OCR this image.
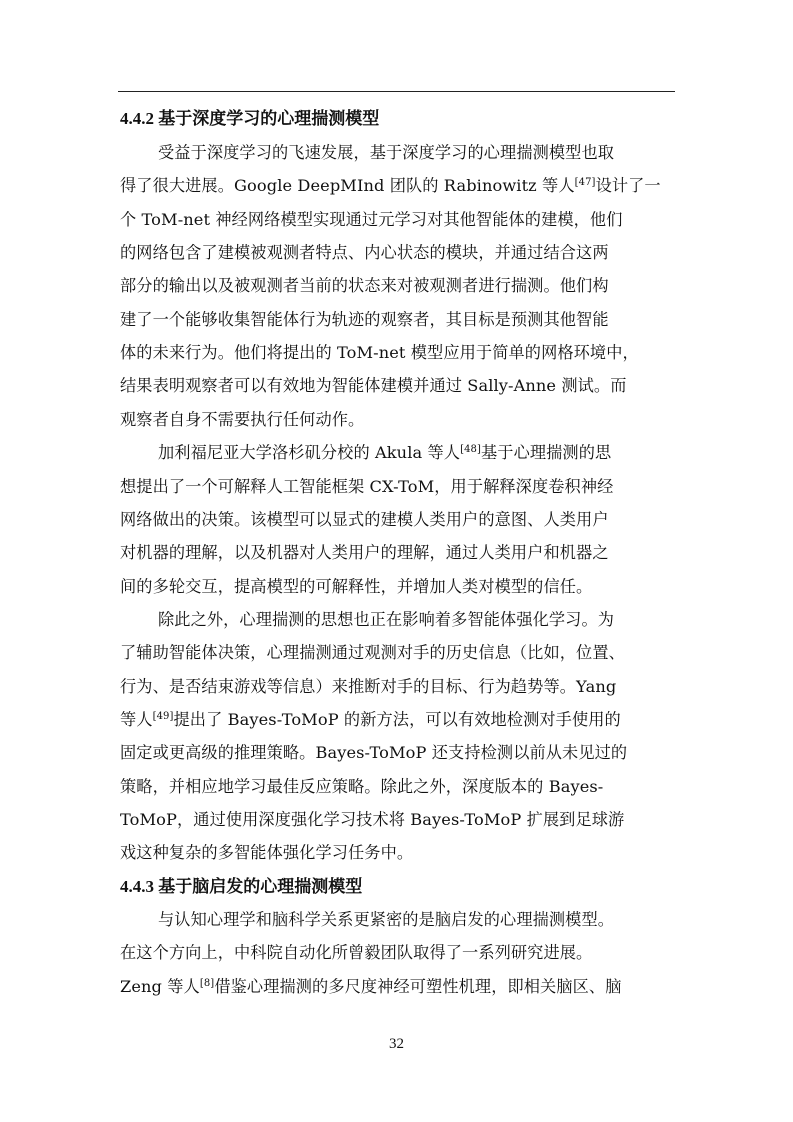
4.4.2 基于深度学习的心理揣测模型
受益于深度学习的飞速发展，基于深度学习的心理揣测模型也取
得了很大进展。Google DeepMInd 团队的 Rabinowitz 等人[47]设计了一
个 ToM-net 神经网络模型实现通过元学习对其他智能体的建模，他们
的网络包含了建模被观测者特点、内心状态的模块，并通过结合这两
部分的输出以及被观测者当前的状态来对被观测者进行揣测。他们构
建了一个能够收集智能体行为轨迹的观察者，其目标是预测其他智能
体的未来行为。他们将提出的 ToM-net 模型应用于简单的网格环境中，
结果表明观察者可以有效地为智能体建模并通过 Sally-Anne 测试。而
观察者自身不需要执行任何动作。
加利福尼亚大学洛杉矶分校的 Akula 等人[48]基于心理揣测的思
想提出了一个可解释人工智能框架 CX-ToM，用于解释深度卷积神经
网络做出的决策。该模型可以显式的建模人类用户的意图、人类用户
对机器的理解，以及机器对人类用户的理解，通过人类用户和机器之
间的多轮交互，提高模型的可解释性，并增加人类对模型的信任。
除此之外，心理揣测的思想也正在影响着多智能体强化学习。为
了辅助智能体决策，心理揣测通过观测对手的历史信息（比如，位置、
行为、是否结束游戏等信息）来推断对手的目标、行为趋势等。Yang
等人[49]提出了 Bayes-ToMoP 的新方法，可以有效地检测对手使用的
固定或更高级的推理策略。Bayes-ToMoP 还支持检测以前从未见过的
策略，并相应地学习最佳反应策略。除此之外，深度版本的 Bayes-
ToMoP，通过使用深度强化学习技术将 Bayes-ToMoP 扩展到足球游
戏这种复杂的多智能体强化学习任务中。
4.4.3 基于脑启发的心理揣测模型
与认知心理学和脑科学关系更紧密的是脑启发的心理揣测模型。
在这个方向上，中科院自动化所曾毅团队取得了一系列研究进展。
Zeng 等人[8]借鉴心理揣测的多尺度神经可塑性机理，即相关脑区、脑
32
